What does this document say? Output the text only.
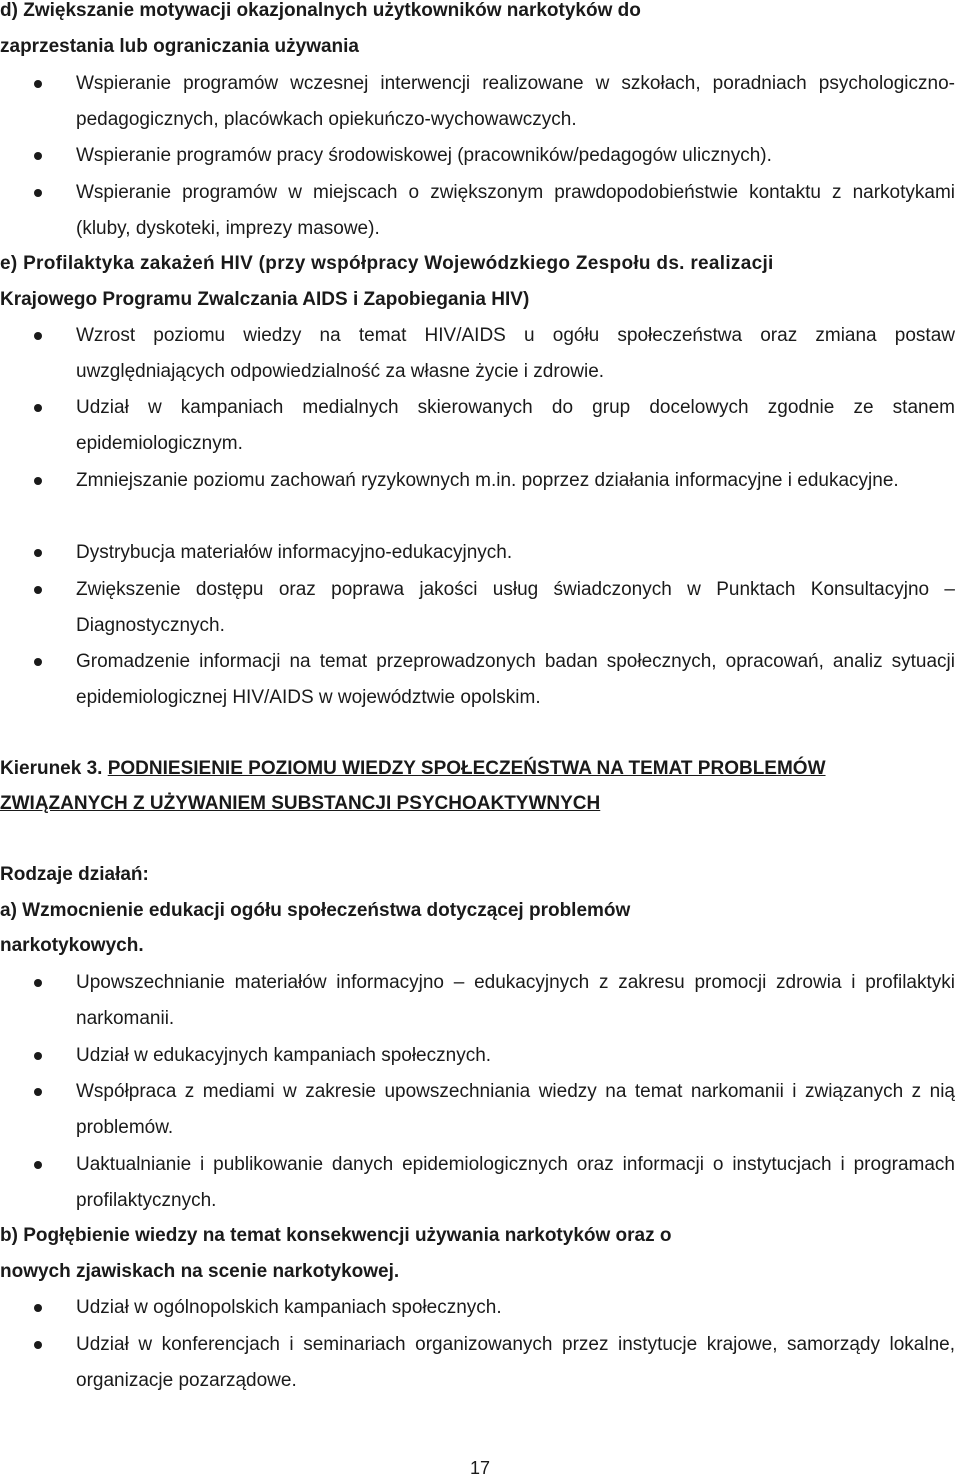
d) Zwiększanie motywacji okazjonalnych użytkowników narkotyków do
zaprzestania lub ograniczania używania
Wspieranie programów wczesnej interwencji realizowane w szkołach, poradniach psychologiczno-pedagogicznych, placówkach opiekuńczo-wychowawczych.
Wspieranie programów pracy środowiskowej (pracowników/pedagogów ulicznych).
Wspieranie programów w miejscach o zwiększonym prawdopodobieństwie kontaktu z narkotykami (kluby, dyskoteki, imprezy masowe).
e) Profilaktyka zakażeń HIV (przy współpracy Wojewódzkiego Zespołu ds. realizacji
Krajowego Programu Zwalczania AIDS i Zapobiegania HIV)
Wzrost poziomu wiedzy na temat HIV/AIDS u ogółu społeczeństwa oraz zmiana postaw uwzględniających odpowiedzialność za własne życie i zdrowie.
Udział w kampaniach medialnych skierowanych do grup docelowych zgodnie ze stanem epidemiologicznym.
Zmniejszanie poziomu zachowań ryzykownych m.in. poprzez działania informacyjne i edukacyjne.
Dystrybucja materiałów informacyjno-edukacyjnych.
Zwiększenie dostępu oraz poprawa jakości usług świadczonych w Punktach Konsultacyjno – Diagnostycznych.
Gromadzenie informacji na temat przeprowadzonych badan społecznych, opracowań, analiz sytuacji epidemiologicznej HIV/AIDS w województwie opolskim.
Kierunek 3. PODNIESIENIE POZIOMU WIEDZY SPOŁECZEŃSTWA NA TEMAT PROBLEMÓW
ZWIĄZANYCH Z UŻYWANIEM SUBSTANCJI PSYCHOAKTYWNYCH
Rodzaje działań:
a) Wzmocnienie edukacji ogółu społeczeństwa dotyczącej problemów
narkotykowych.
Upowszechnianie materiałów informacyjno – edukacyjnych z zakresu promocji zdrowia i profilaktyki narkomanii.
Udział w edukacyjnych kampaniach społecznych.
Współpraca z mediami w zakresie upowszechniania wiedzy na temat narkomanii i związanych z nią problemów.
Uaktualnianie i publikowanie danych epidemiologicznych oraz informacji o instytucjach i programach profilaktycznych.
b) Pogłębienie wiedzy na temat konsekwencji używania narkotyków oraz o
nowych zjawiskach na scenie narkotykowej.
Udział w ogólnopolskich kampaniach społecznych.
Udział w konferencjach i seminariach organizowanych przez instytucje krajowe, samorządy lokalne, organizacje pozarządowe.
17
